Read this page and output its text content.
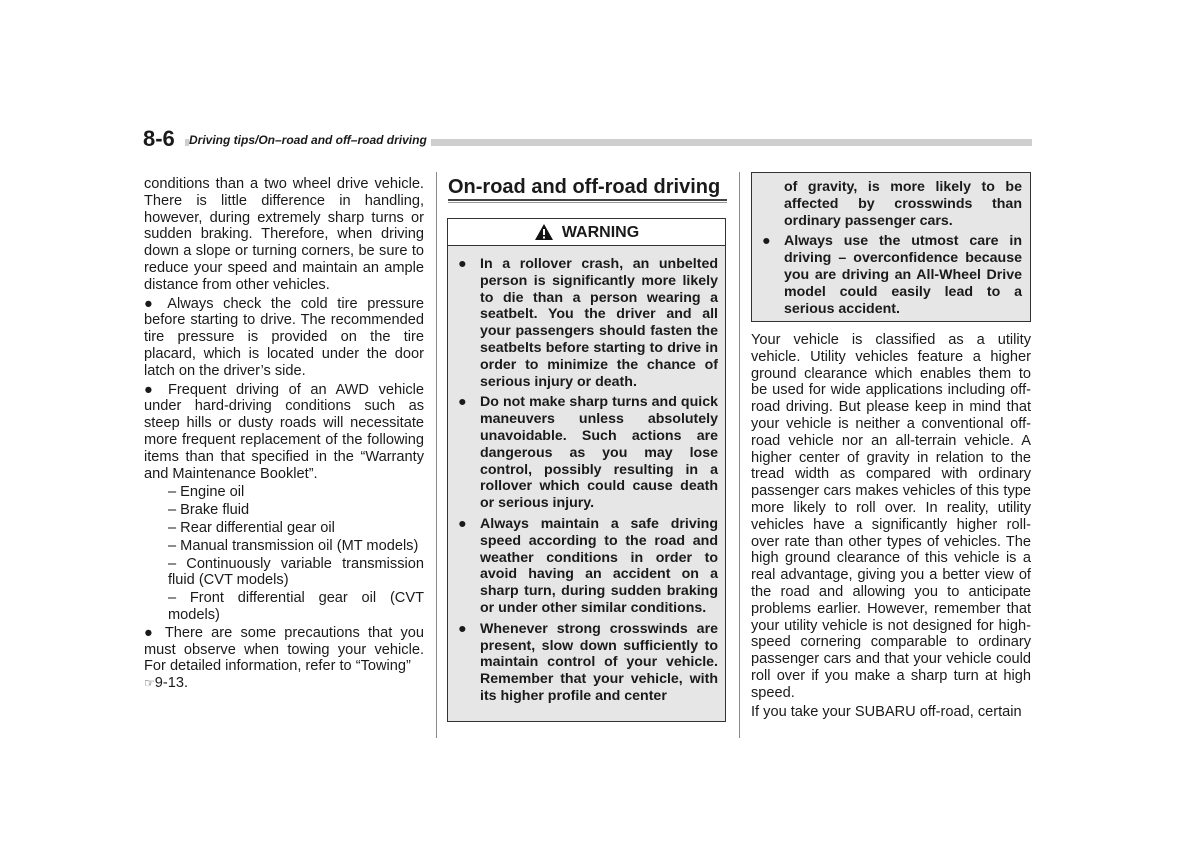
8-6	Driving tips/On–road and off–road driving

conditions than a two wheel drive vehicle. There is little difference in handling, however, during extremely sharp turns or sudden braking. Therefore, when driving down a slope or turning corners, be sure to reduce your speed and maintain an ample distance from other vehicles.

● Always check the cold tire pressure before starting to drive. The recommended tire pressure is provided on the tire placard, which is located under the door latch on the driver’s side.

● Frequent driving of an AWD vehicle under hard-driving conditions such as steep hills or dusty roads will necessitate more frequent replacement of the following items than that specified in the “Warranty and Maintenance Booklet”.

– Engine oil

– Brake fluid

– Rear differential gear oil

– Manual transmission oil (MT models)

– Continuously variable transmission fluid (CVT models)

– Front differential gear oil (CVT models)

● There are some precautions that you must observe when towing your vehicle. For detailed information, refer to “Towing”
☞9-13.

On-road and off-road driving
WARNING
● In a rollover crash, an unbelted person is significantly more likely to die than a person wearing a seatbelt. You the driver and all your passengers should fasten the seatbelts before starting to drive in order to minimize the chance of serious injury or death.
● Do not make sharp turns and quick maneuvers unless absolutely unavoidable. Such actions are dangerous as you may lose control, possibly resulting in a rollover which could cause death or serious injury.
● Always maintain a safe driving speed according to the road and weather conditions in order to avoid having an accident on a sharp turn, during sudden braking or under other similar conditions.
● Whenever strong crosswinds are present, slow down sufficiently to maintain control of your vehicle. Remember that your vehicle, with its higher profile and center
of gravity, is more likely to be affected by crosswinds than ordinary passenger cars.
● Always use the utmost care in driving – overconfidence because you are driving an All-Wheel Drive model could easily lead to a serious accident.

Your vehicle is classified as a utility vehicle. Utility vehicles feature a higher ground clearance which enables them to be used for wide applications including off-road driving. But please keep in mind that your vehicle is neither a conventional off-road vehicle nor an all-terrain vehicle. A higher center of gravity in relation to the tread width as compared with ordinary passenger cars makes vehicles of this type more likely to roll over. In reality, utility vehicles have a significantly higher roll-over rate than other types of vehicles. The high ground clearance of this vehicle is a real advantage, giving you a better view of the road and allowing you to anticipate problems earlier. However, remember that your utility vehicle is not designed for high-speed cornering comparable to ordinary passenger cars and that your vehicle could roll over if you make a sharp turn at high speed.

If you take your SUBARU off-road, certain
